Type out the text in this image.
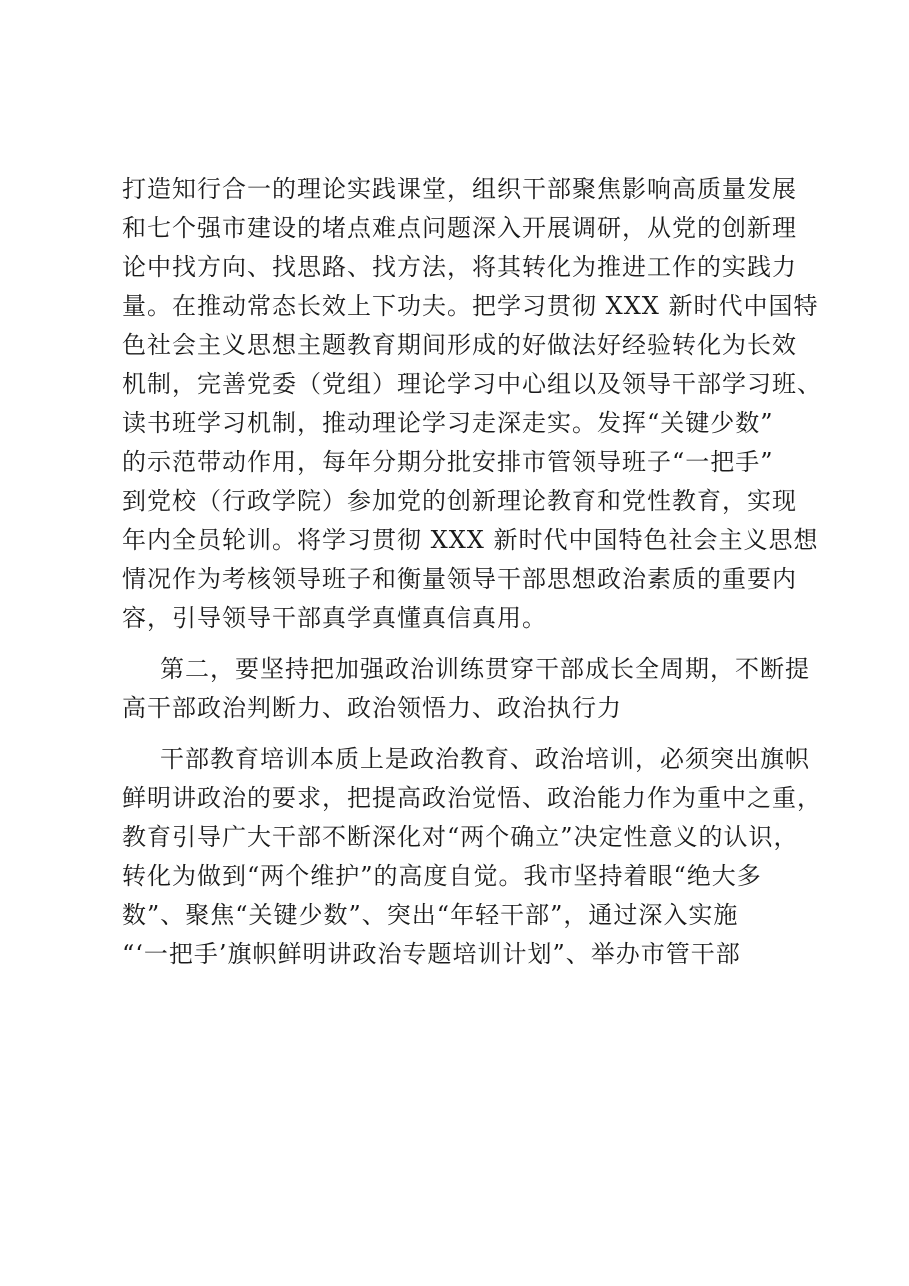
打造知行合一的理论实践课堂，组织干部聚焦影响高质量发展

和七个强市建设的堵点难点问题深入开展调研，从党的创新理

论中找方向、找思路、找方法，将其转化为推进工作的实践力

量。在推动常态长效上下功夫。把学习贯彻 XXX 新时代中国特

色社会主义思想主题教育期间形成的好做法好经验转化为长效

机制，完善党委（党组）理论学习中心组以及领导干部学习班、

读书班学习机制，推动理论学习走深走实。发挥“关键少数”

的示范带动作用，每年分期分批安排市管领导班子“一把手”

到党校（行政学院）参加党的创新理论教育和党性教育，实现

年内全员轮训。将学习贯彻 XXX 新时代中国特色社会主义思想

情况作为考核领导班子和衡量领导干部思想政治素质的重要内

容，引导领导干部真学真懂真信真用。

第二，要坚持把加强政治训练贯穿干部成长全周期，不断提

高干部政治判断力、政治领悟力、政治执行力

干部教育培训本质上是政治教育、政治培训，必须突出旗帜

鲜明讲政治的要求，把提高政治觉悟、政治能力作为重中之重，

教育引导广大干部不断深化对“两个确立”决定性意义的认识，

转化为做到“两个维护”的高度自觉。我市坚持着眼“绝大多

数”、聚焦“关键少数”、突出“年轻干部”，通过深入实施

“‘一把手’旗帜鲜明讲政治专题培训计划”、举办市管干部
